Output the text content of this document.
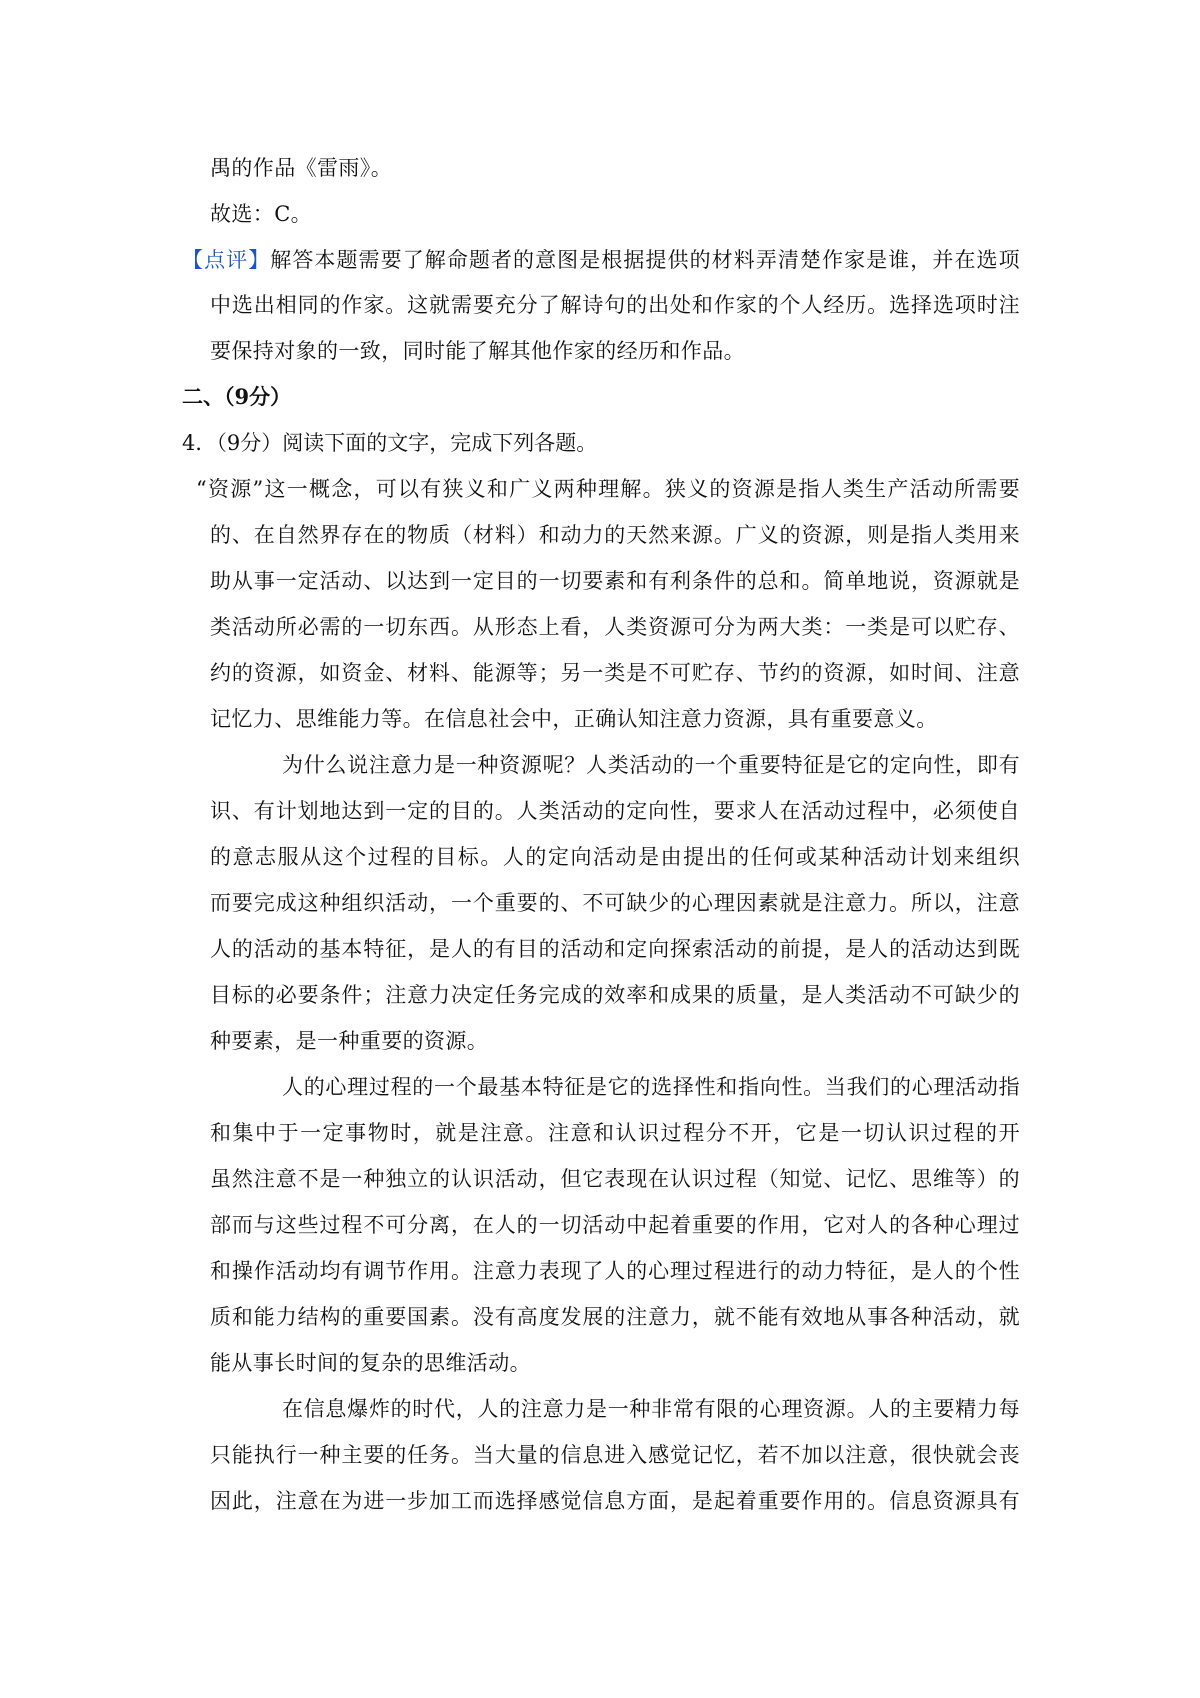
禺的作品《雷雨》。
故选：C。
【点评】解答本题需要了解命题者的意图是根据提供的材料弄清楚作家是谁，并在选项
中选出相同的作家。这就需要充分了解诗句的出处和作家的个人经历。选择选项时注
要保持对象的一致，同时能了解其他作家的经历和作品。
二、（9分）
4．（9分）阅读下面的文字，完成下列各题。
“资源”这一概念，可以有狭义和广义两种理解。狭义的资源是指人类生产活动所需要
的、在自然界存在的物质（材料）和动力的天然来源。广义的资源，则是指人类用来
助从事一定活动、以达到一定目的一切要素和有利条件的总和。简单地说，资源就是
类活动所必需的一切东西。从形态上看，人类资源可分为两大类：一类是可以贮存、
约的资源，如资金、材料、能源等；另一类是不可贮存、节约的资源，如时间、注意
记忆力、思维能力等。在信息社会中，正确认知注意力资源，具有重要意义。
为什么说注意力是一种资源呢？人类活动的一个重要特征是它的定向性，即有
识、有计划地达到一定的目的。人类活动的定向性，要求人在活动过程中，必须使自
的意志服从这个过程的目标。人的定向活动是由提出的任何或某种活动计划来组织
而要完成这种组织活动，一个重要的、不可缺少的心理因素就是注意力。所以，注意
人的活动的基本特征，是人的有目的活动和定向探索活动的前提，是人的活动达到既
目标的必要条件；注意力决定任务完成的效率和成果的质量，是人类活动不可缺少的
种要素，是一种重要的资源。
人的心理过程的一个最基本特征是它的选择性和指向性。当我们的心理活动指
和集中于一定事物时，就是注意。注意和认识过程分不开，它是一切认识过程的开
虽然注意不是一种独立的认识活动，但它表现在认识过程（知觉、记忆、思维等）的
部而与这些过程不可分离，在人的一切活动中起着重要的作用，它对人的各种心理过
和操作活动均有调节作用。注意力表现了人的心理过程进行的动力特征，是人的个性
质和能力结构的重要国素。没有高度发展的注意力，就不能有效地从事各种活动，就
能从事长时间的复杂的思维活动。
在信息爆炸的时代，人的注意力是一种非常有限的心理资源。人的主要精力每
只能执行一种主要的任务。当大量的信息进入感觉记忆，若不加以注意，很快就会丧
因此，注意在为进一步加工而选择感觉信息方面，是起着重要作用的。信息资源具有
